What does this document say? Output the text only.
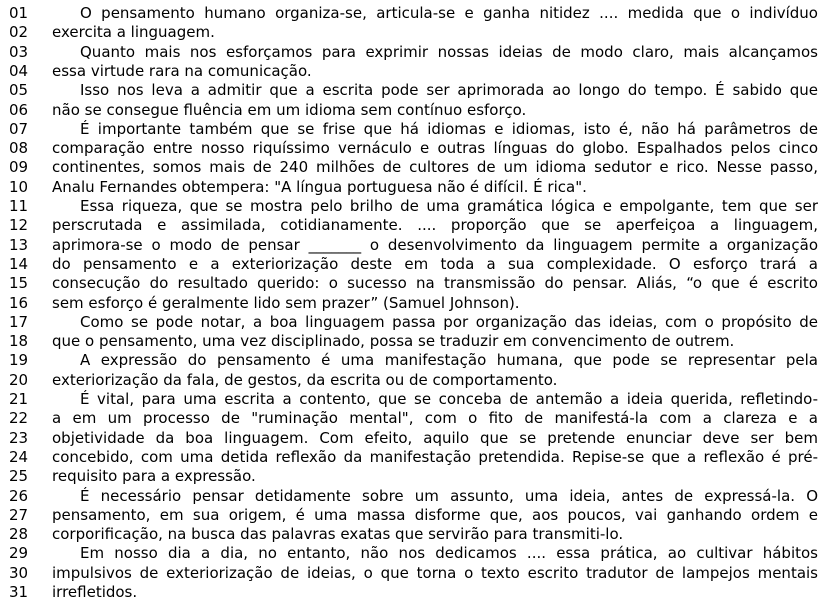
01	O pensamento humano organiza-se, articula-se e ganha nitidez .... medida que o indivíduo
02 exercita a linguagem.
03	Quanto mais nos esforçamos para exprimir nossas ideias de modo claro, mais alcançamos
04 essa virtude rara na comunicação.
05	Isso nos leva a admitir que a escrita pode ser aprimorada ao longo do tempo. É sabido que
06 não se consegue fluência em um idioma sem contínuo esforço.
07	É importante também que se frise que há idiomas e idiomas, isto é, não há parâmetros de
08 comparação entre nosso riquíssimo vernáculo e outras línguas do globo. Espalhados pelos cinco
09 continentes, somos mais de 240 milhões de cultores de um idioma sedutor e rico. Nesse passo,
10 Analu Fernandes obtempera: "A língua portuguesa não é difícil. É rica".
11	Essa riqueza, que se mostra pelo brilho de uma gramática lógica e empolgante, tem que ser
12 perscrutada e assimilada, cotidianamente. .... proporção que se aperfeiçoa a linguagem,
13 aprimora-se o modo de pensar _______ o desenvolvimento da linguagem permite a organização
14 do pensamento e a exteriorização deste em toda a sua complexidade. O esforço trará a
15 consecução do resultado querido: o sucesso na transmissão do pensar. Aliás, “o que é escrito
16 sem esforço é geralmente lido sem prazer” (Samuel Johnson).
17	Como se pode notar, a boa linguagem passa por organização das ideias, com o propósito de
18 que o pensamento, uma vez disciplinado, possa se traduzir em convencimento de outrem.
19	A expressão do pensamento é uma manifestação humana, que pode se representar pela
20 exteriorização da fala, de gestos, da escrita ou de comportamento.
21	É vital, para uma escrita a contento, que se conceba de antemão a ideia querida, refletindo-
22 a em um processo de "ruminação mental", com o fito de manifestá-la com a clareza e a
23 objetividade da boa linguagem. Com efeito, aquilo que se pretende enunciar deve ser bem
24 concebido, com uma detida reflexão da manifestação pretendida. Repise-se que a reflexão é pré-
25 requisito para a expressão.
26	É necessário pensar detidamente sobre um assunto, uma ideia, antes de expressá-la. O
27 pensamento, em sua origem, é uma massa disforme que, aos poucos, vai ganhando ordem e
28 corporificação, na busca das palavras exatas que servirão para transmiti-lo.
29	Em nosso dia a dia, no entanto, não nos dedicamos .... essa prática, ao cultivar hábitos
30 impulsivos de exteriorização de ideias, o que torna o texto escrito tradutor de lampejos mentais
31 irrefletidos.
